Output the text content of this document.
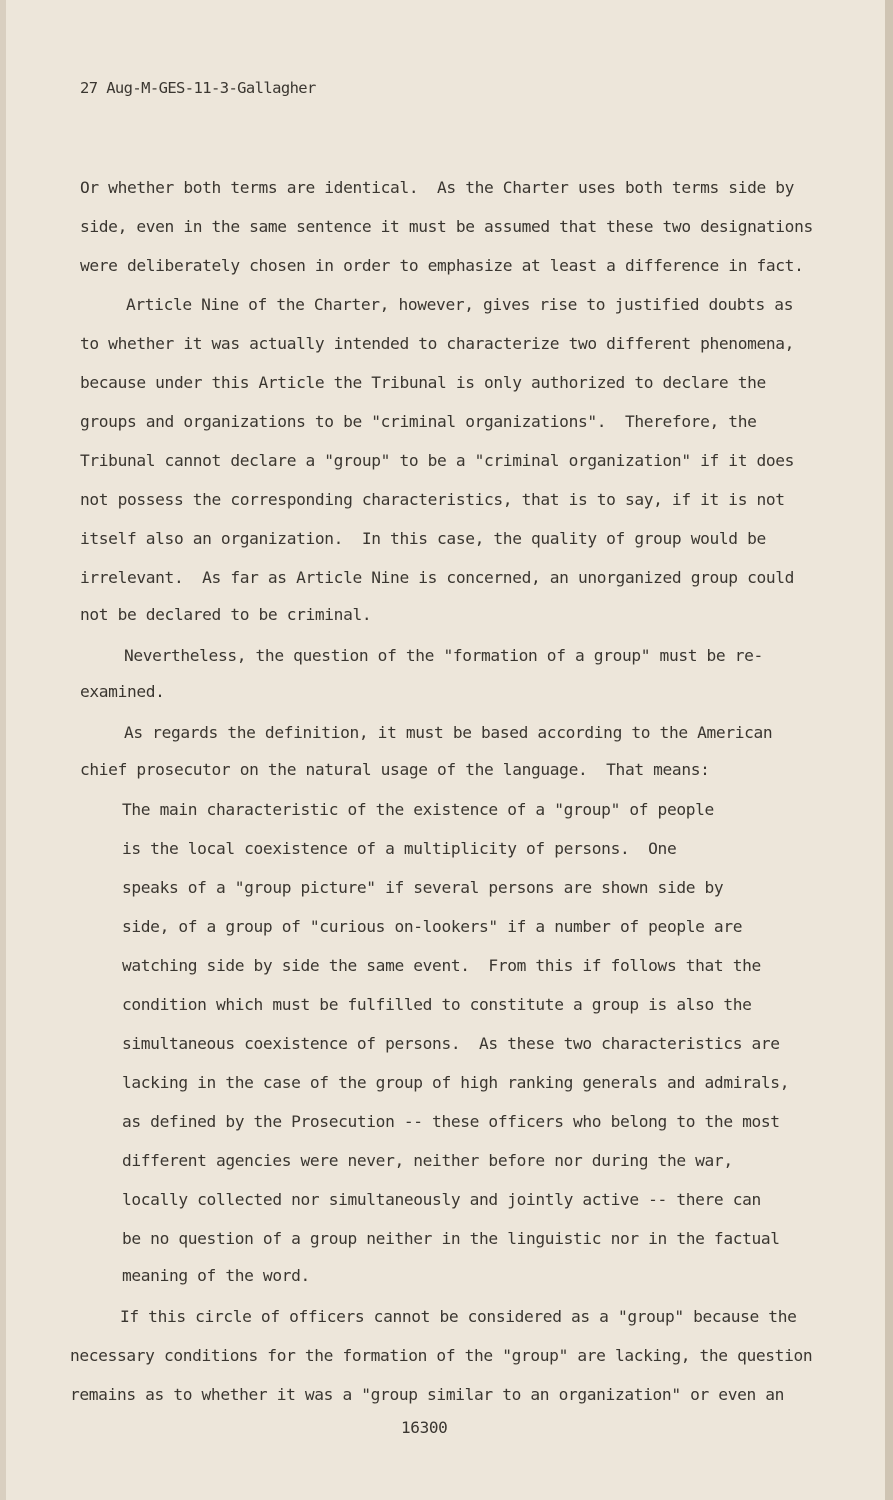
27 Aug-M-GES-11-3-Gallagher
Or whether both terms are identical.  As the Charter uses both terms side by
side, even in the same sentence it must be assumed that these two designations
were deliberately chosen in order to emphasize at least a difference in fact.
Article Nine of the Charter, however, gives rise to justified doubts as
to whether it was actually intended to characterize two different phenomena,
because under this Article the Tribunal is only authorized to declare the
groups and organizations to be "criminal organizations".  Therefore, the
Tribunal cannot declare a "group" to be a "criminal organization" if it does
not possess the corresponding characteristics, that is to say, if it is not
itself also an organization.  In this case, the quality of group would be
irrelevant.  As far as Article Nine is concerned, an unorganized group could
not be declared to be criminal.
Nevertheless, the question of the "formation of a group" must be re-
examined.
As regards the definition, it must be based according to the American
chief prosecutor on the natural usage of the language.  That means:
The main characteristic of the existence of a "group" of people
is the local coexistence of a multiplicity of persons.  One
speaks of a "group picture" if several persons are shown side by
side, of a group of "curious on-lookers" if a number of people are
watching side by side the same event.  From this if follows that the
condition which must be fulfilled to constitute a group is also the
simultaneous coexistence of persons.  As these two characteristics are
lacking in the case of the group of high ranking generals and admirals,
as defined by the Prosecution -- these officers who belong to the most
different agencies were never, neither before nor during the war,
locally collected nor simultaneously and jointly active -- there can
be no question of a group neither in the linguistic nor in the factual
meaning of the word.
If this circle of officers cannot be considered as a "group" because the
necessary conditions for the formation of the "group" are lacking, the question
remains as to whether it was a "group similar to an organization" or even an
16300
